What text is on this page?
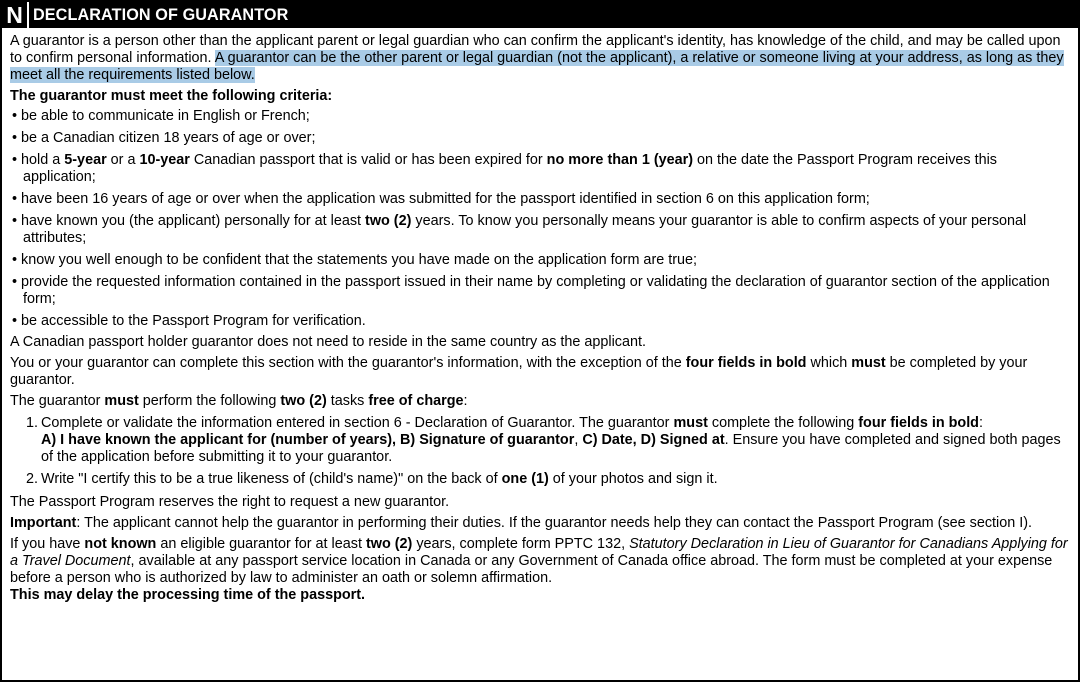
N DECLARATION OF GUARANTOR

A guarantor is a person other than the applicant parent or legal guardian who can confirm the applicant's identity, has knowledge of the child, and may be called upon to confirm personal information. A guarantor can be the other parent or legal guardian (not the applicant), a relative or someone living at your address, as long as they meet all the requirements listed below.

The guarantor must meet the following criteria:

• be able to communicate in English or French;

• be a Canadian citizen 18 years of age or over;

• hold a 5-year or a 10-year Canadian passport that is valid or has been expired for no more than 1 (year) on the date the Passport Program receives this application;

• have been 16 years of age or over when the application was submitted for the passport identified in section 6 on this application form;

• have known you (the applicant) personally for at least two (2) years. To know you personally means your guarantor is able to confirm aspects of your personal attributes;

• know you well enough to be confident that the statements you have made on the application form are true;

• provide the requested information contained in the passport issued in their name by completing or validating the declaration of guarantor section of the application form;

• be accessible to the Passport Program for verification.

A Canadian passport holder guarantor does not need to reside in the same country as the applicant.

You or your guarantor can complete this section with the guarantor's information, with the exception of the four fields in bold which must be completed by your guarantor.

The guarantor must perform the following two (2) tasks free of charge:

1. Complete or validate the information entered in section 6 - Declaration of Guarantor. The guarantor must complete the following four fields in bold:
A) I have known the applicant for (number of years), B) Signature of guarantor, C) Date, D) Signed at. Ensure you have completed and signed both pages of the application before submitting it to your guarantor.
2. Write "I certify this to be a true likeness of (child's name)" on the back of one (1) of your photos and sign it.

The Passport Program reserves the right to request a new guarantor.

Important: The applicant cannot help the guarantor in performing their duties. If the guarantor needs help they can contact the Passport Program (see section I).

If you have not known an eligible guarantor for at least two (2) years, complete form PPTC 132, Statutory Declaration in Lieu of Guarantor for Canadians Applying for a Travel Document, available at any passport service location in Canada or any Government of Canada office abroad. The form must be completed at your expense before a person who is authorized by law to administer an oath or solemn affirmation.

This may delay the processing time of the passport.
